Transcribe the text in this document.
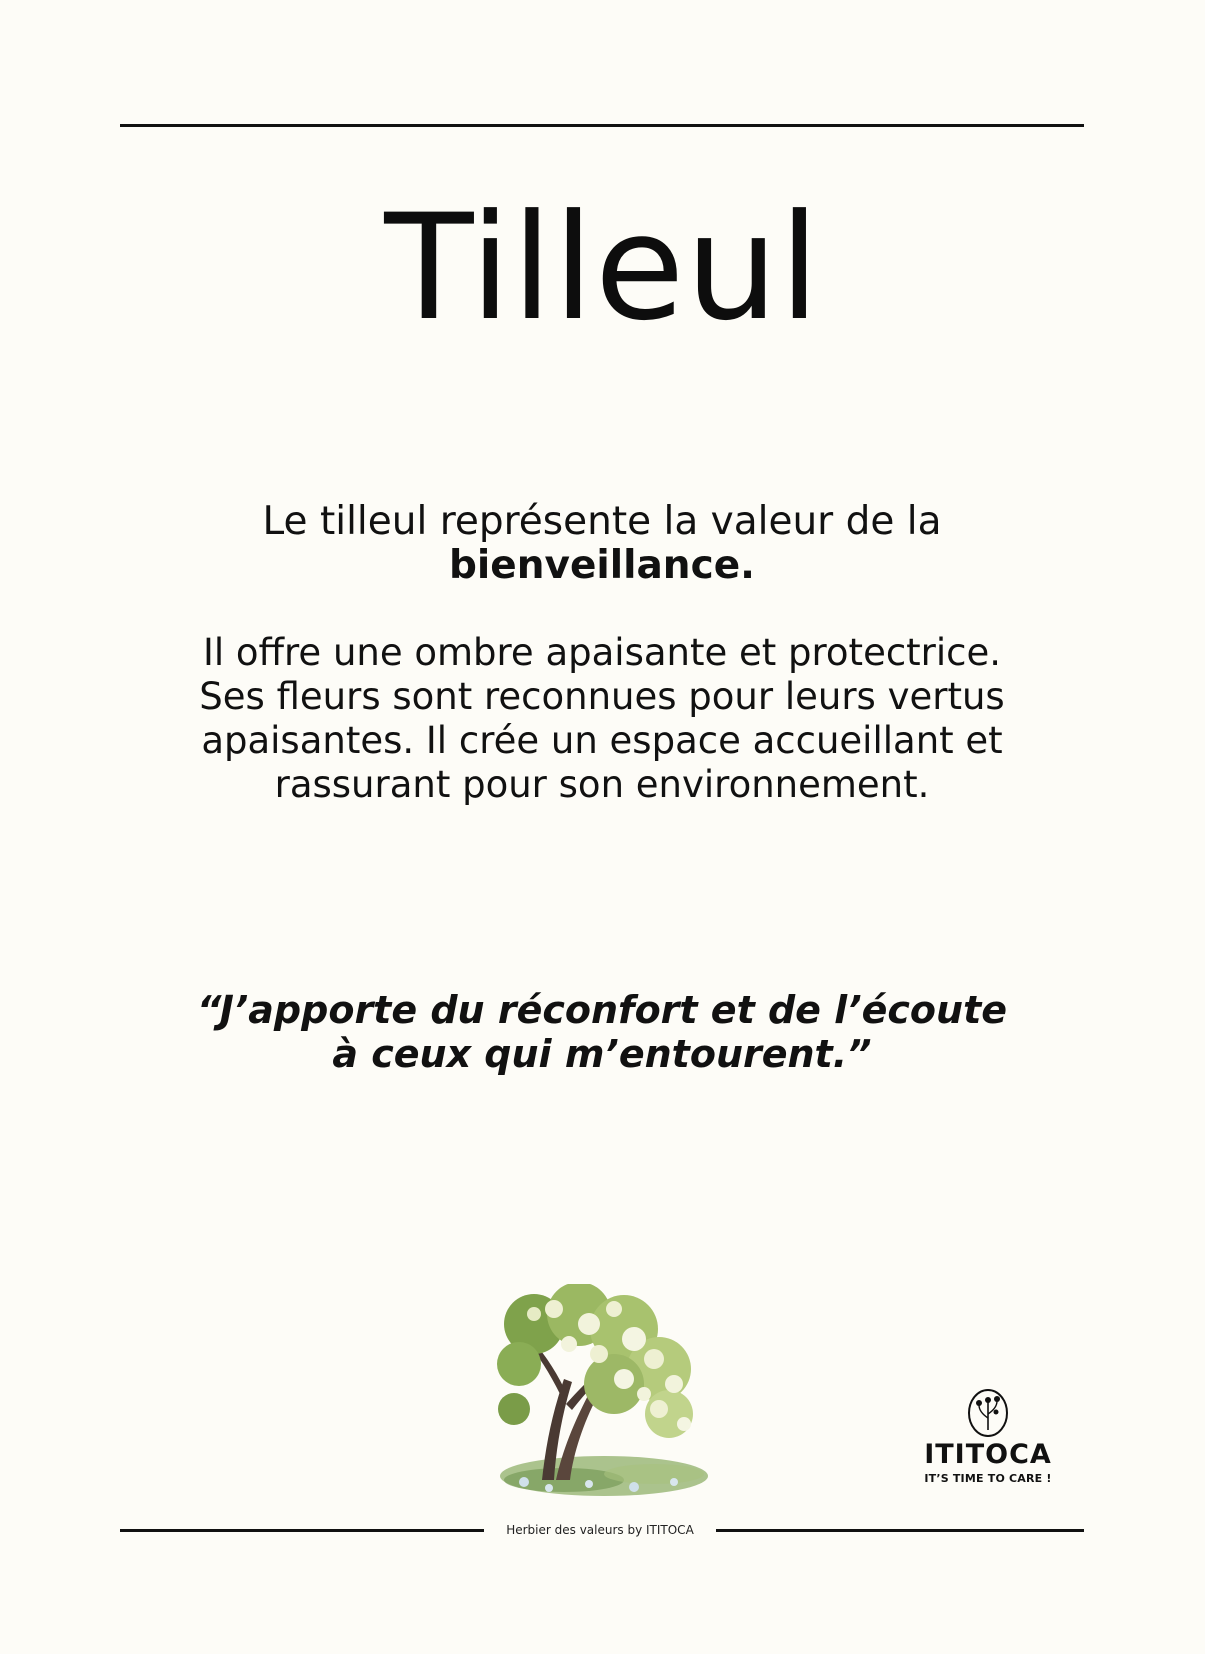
Tilleul

Le tilleul représente la valeur de la
bienveillance.

Il offre une ombre apaisante et protectrice.
Ses fleurs sont reconnues pour leurs vertus
apaisantes. Il crée un espace accueillant et
rassurant pour son environnement.

“J’apporte du réconfort et de l’écoute
à ceux qui m’entourent.”

ITITOCA
IT’S TIME TO CARE !
Herbier des valeurs by ITITOCA
